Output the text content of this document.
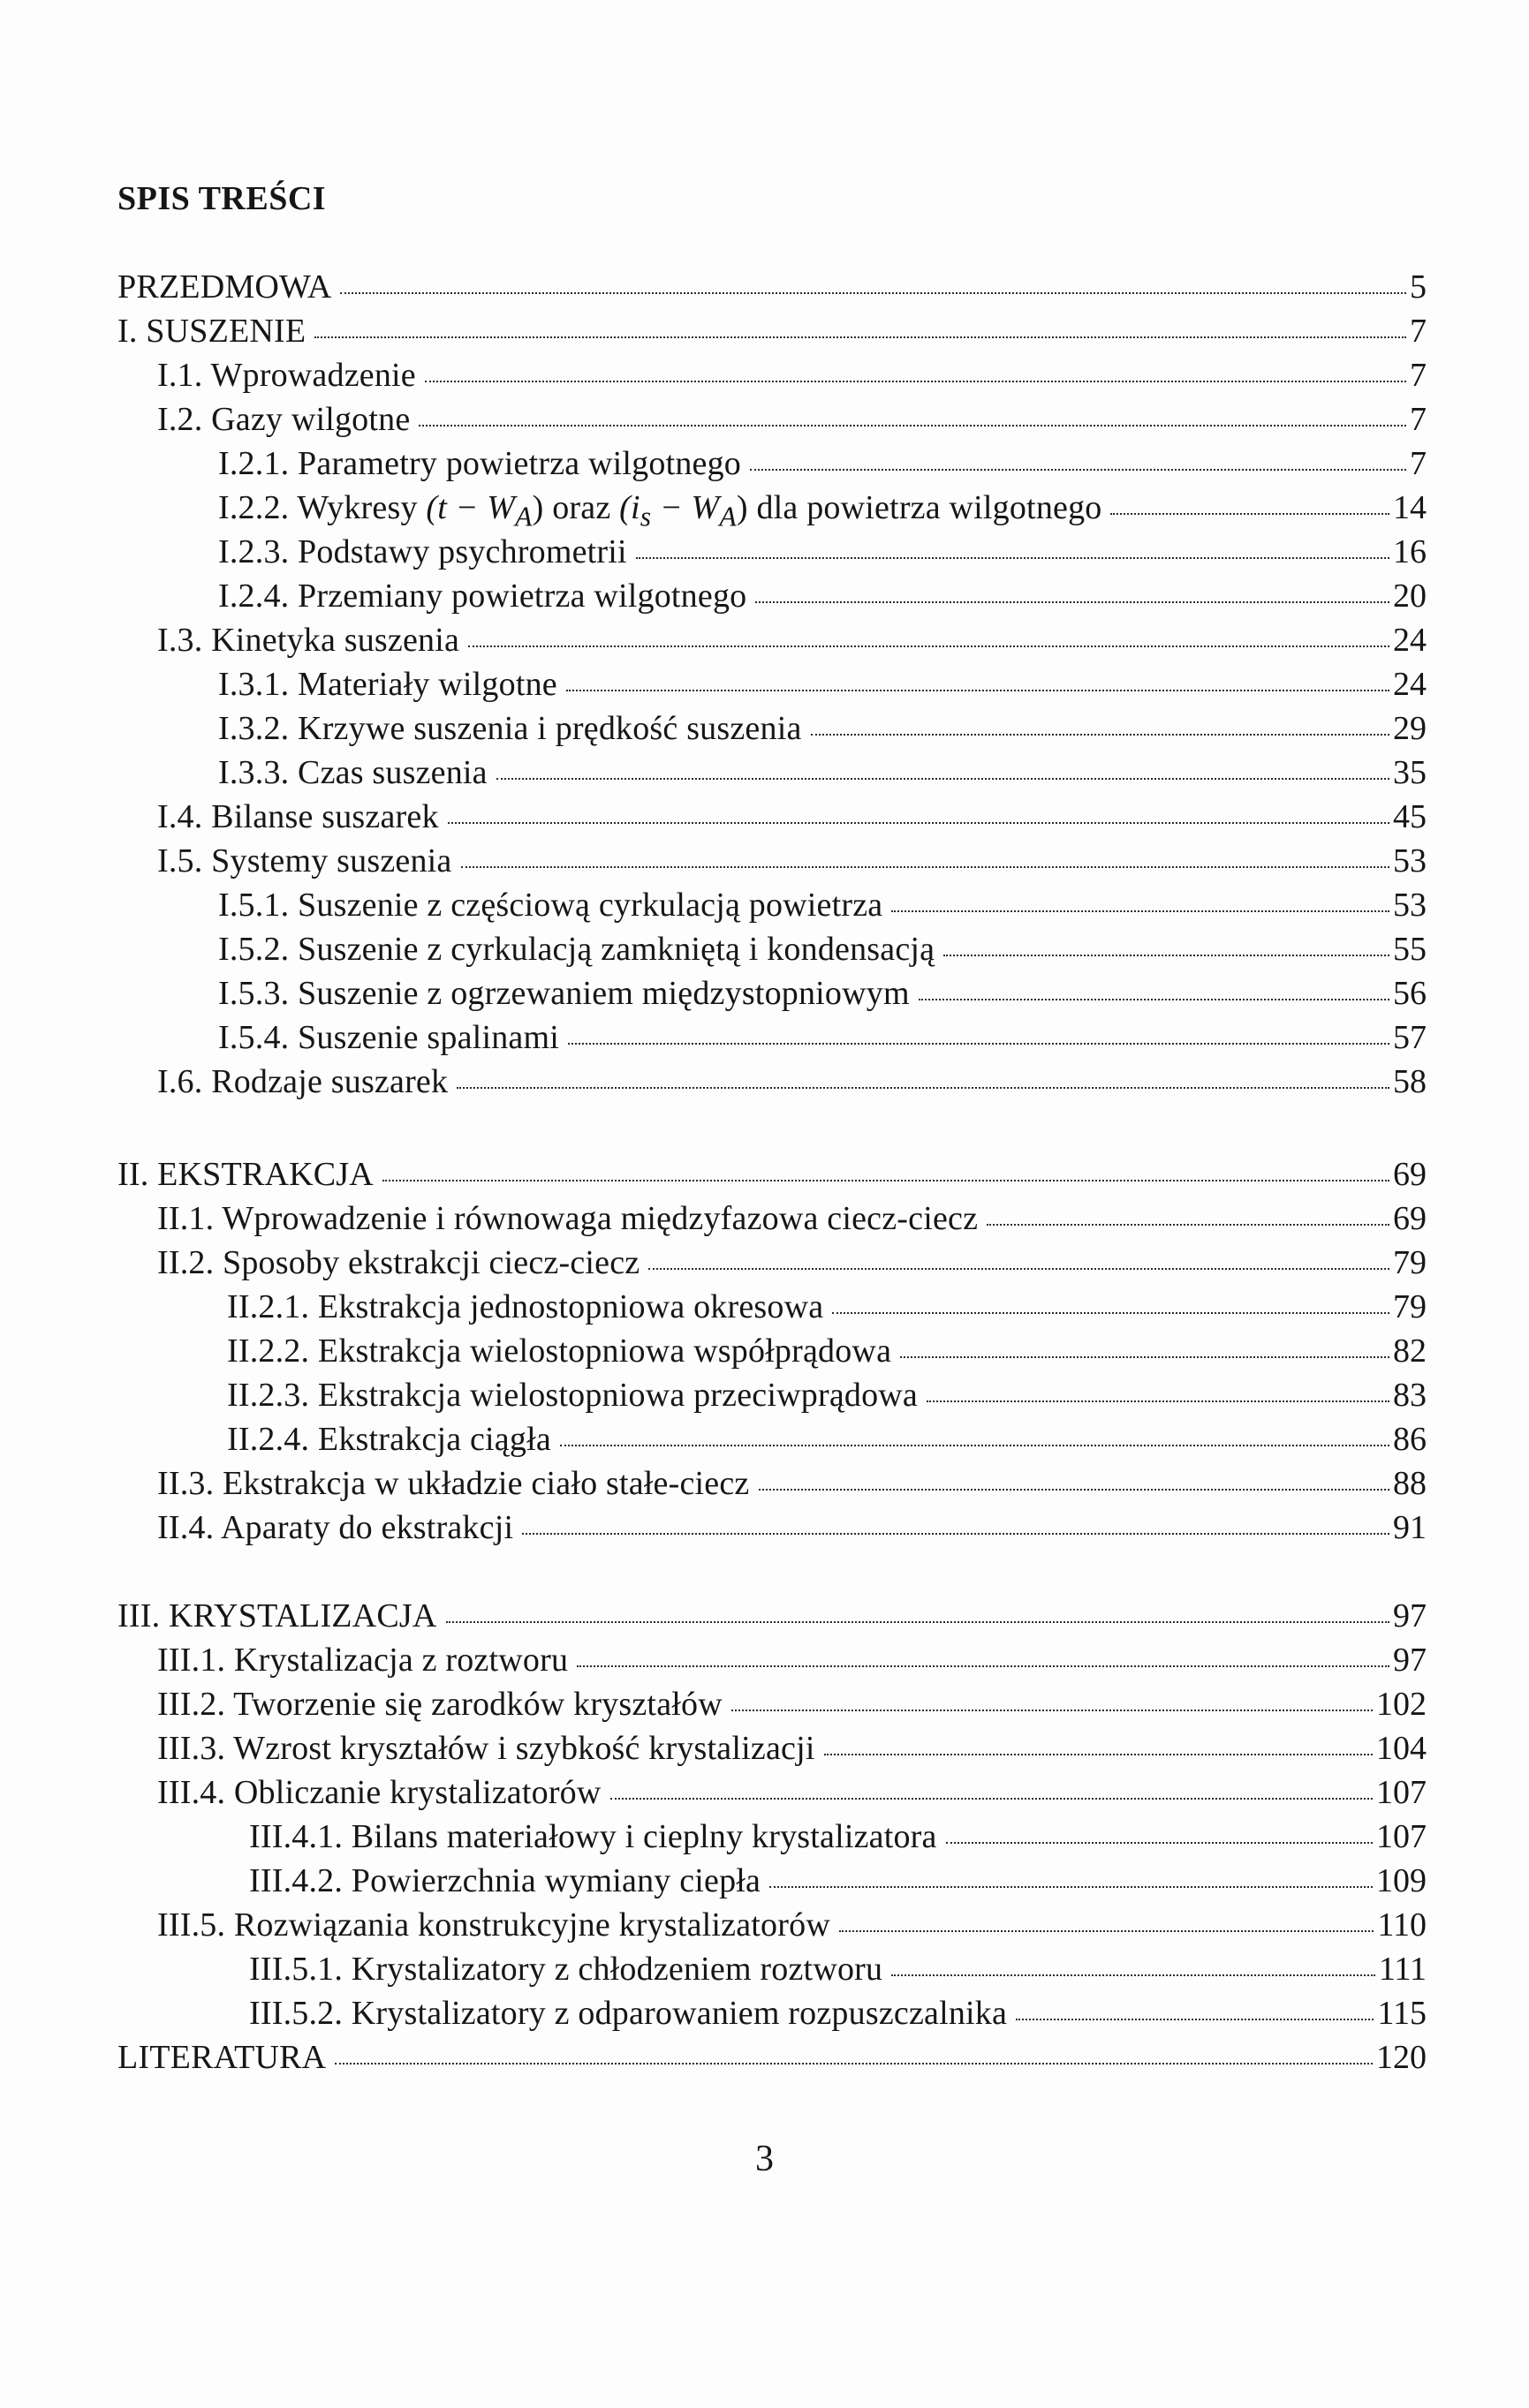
SPIS TREŚCI
PRZEDMOWA	5
I. SUSZENIE	7
I.1. Wprowadzenie	7
I.2. Gazy wilgotne	7
I.2.1. Parametry powietrza wilgotnego	7
I.2.2. Wykresy $(t - W_A)$ oraz $(i_s - W_A)$ dla powietrza wilgotnego	14
I.2.3. Podstawy psychrometrii	16
I.2.4. Przemiany powietrza wilgotnego	20
I.3. Kinetyka suszenia	24
I.3.1. Materiały wilgotne	24
I.3.2. Krzywe suszenia i prędkość suszenia	29
I.3.3. Czas suszenia	35
I.4. Bilanse suszarek	45
I.5. Systemy suszenia	53
I.5.1. Suszenie z częściową cyrkulacją powietrza	53
I.5.2. Suszenie z cyrkulacją zamkniętą i kondensacją	55
I.5.3. Suszenie z ogrzewaniem międzystopniowym	56
I.5.4. Suszenie spalinami	57
I.6. Rodzaje suszarek	58
II. EKSTRAKCJA	69
II.1. Wprowadzenie i równowaga międzyfazowa ciecz-ciecz	69
II.2. Sposoby ekstrakcji ciecz-ciecz	79
II.2.1. Ekstrakcja jednostopniowa okresowa	79
II.2.2. Ekstrakcja wielostopniowa współprądowa	82
II.2.3. Ekstrakcja wielostopniowa przeciwprądowa	83
II.2.4. Ekstrakcja ciągła	86
II.3. Ekstrakcja w układzie ciało stałe-ciecz	88
II.4. Aparaty do ekstrakcji	91
III. KRYSTALIZACJA	97
III.1. Krystalizacja z roztworu	97
III.2. Tworzenie się zarodków kryształów	102
III.3. Wzrost kryształów i szybkość krystalizacji	104
III.4. Obliczanie krystalizatorów	107
III.4.1. Bilans materiałowy i cieplny krystalizatora	107
III.4.2. Powierzchnia wymiany ciepła	109
III.5. Rozwiązania konstrukcyjne krystalizatorów	110
III.5.1. Krystalizatory z chłodzeniem roztworu	111
III.5.2. Krystalizatory z odparowaniem rozpuszczalnika	115
LITERATURA	120
3
